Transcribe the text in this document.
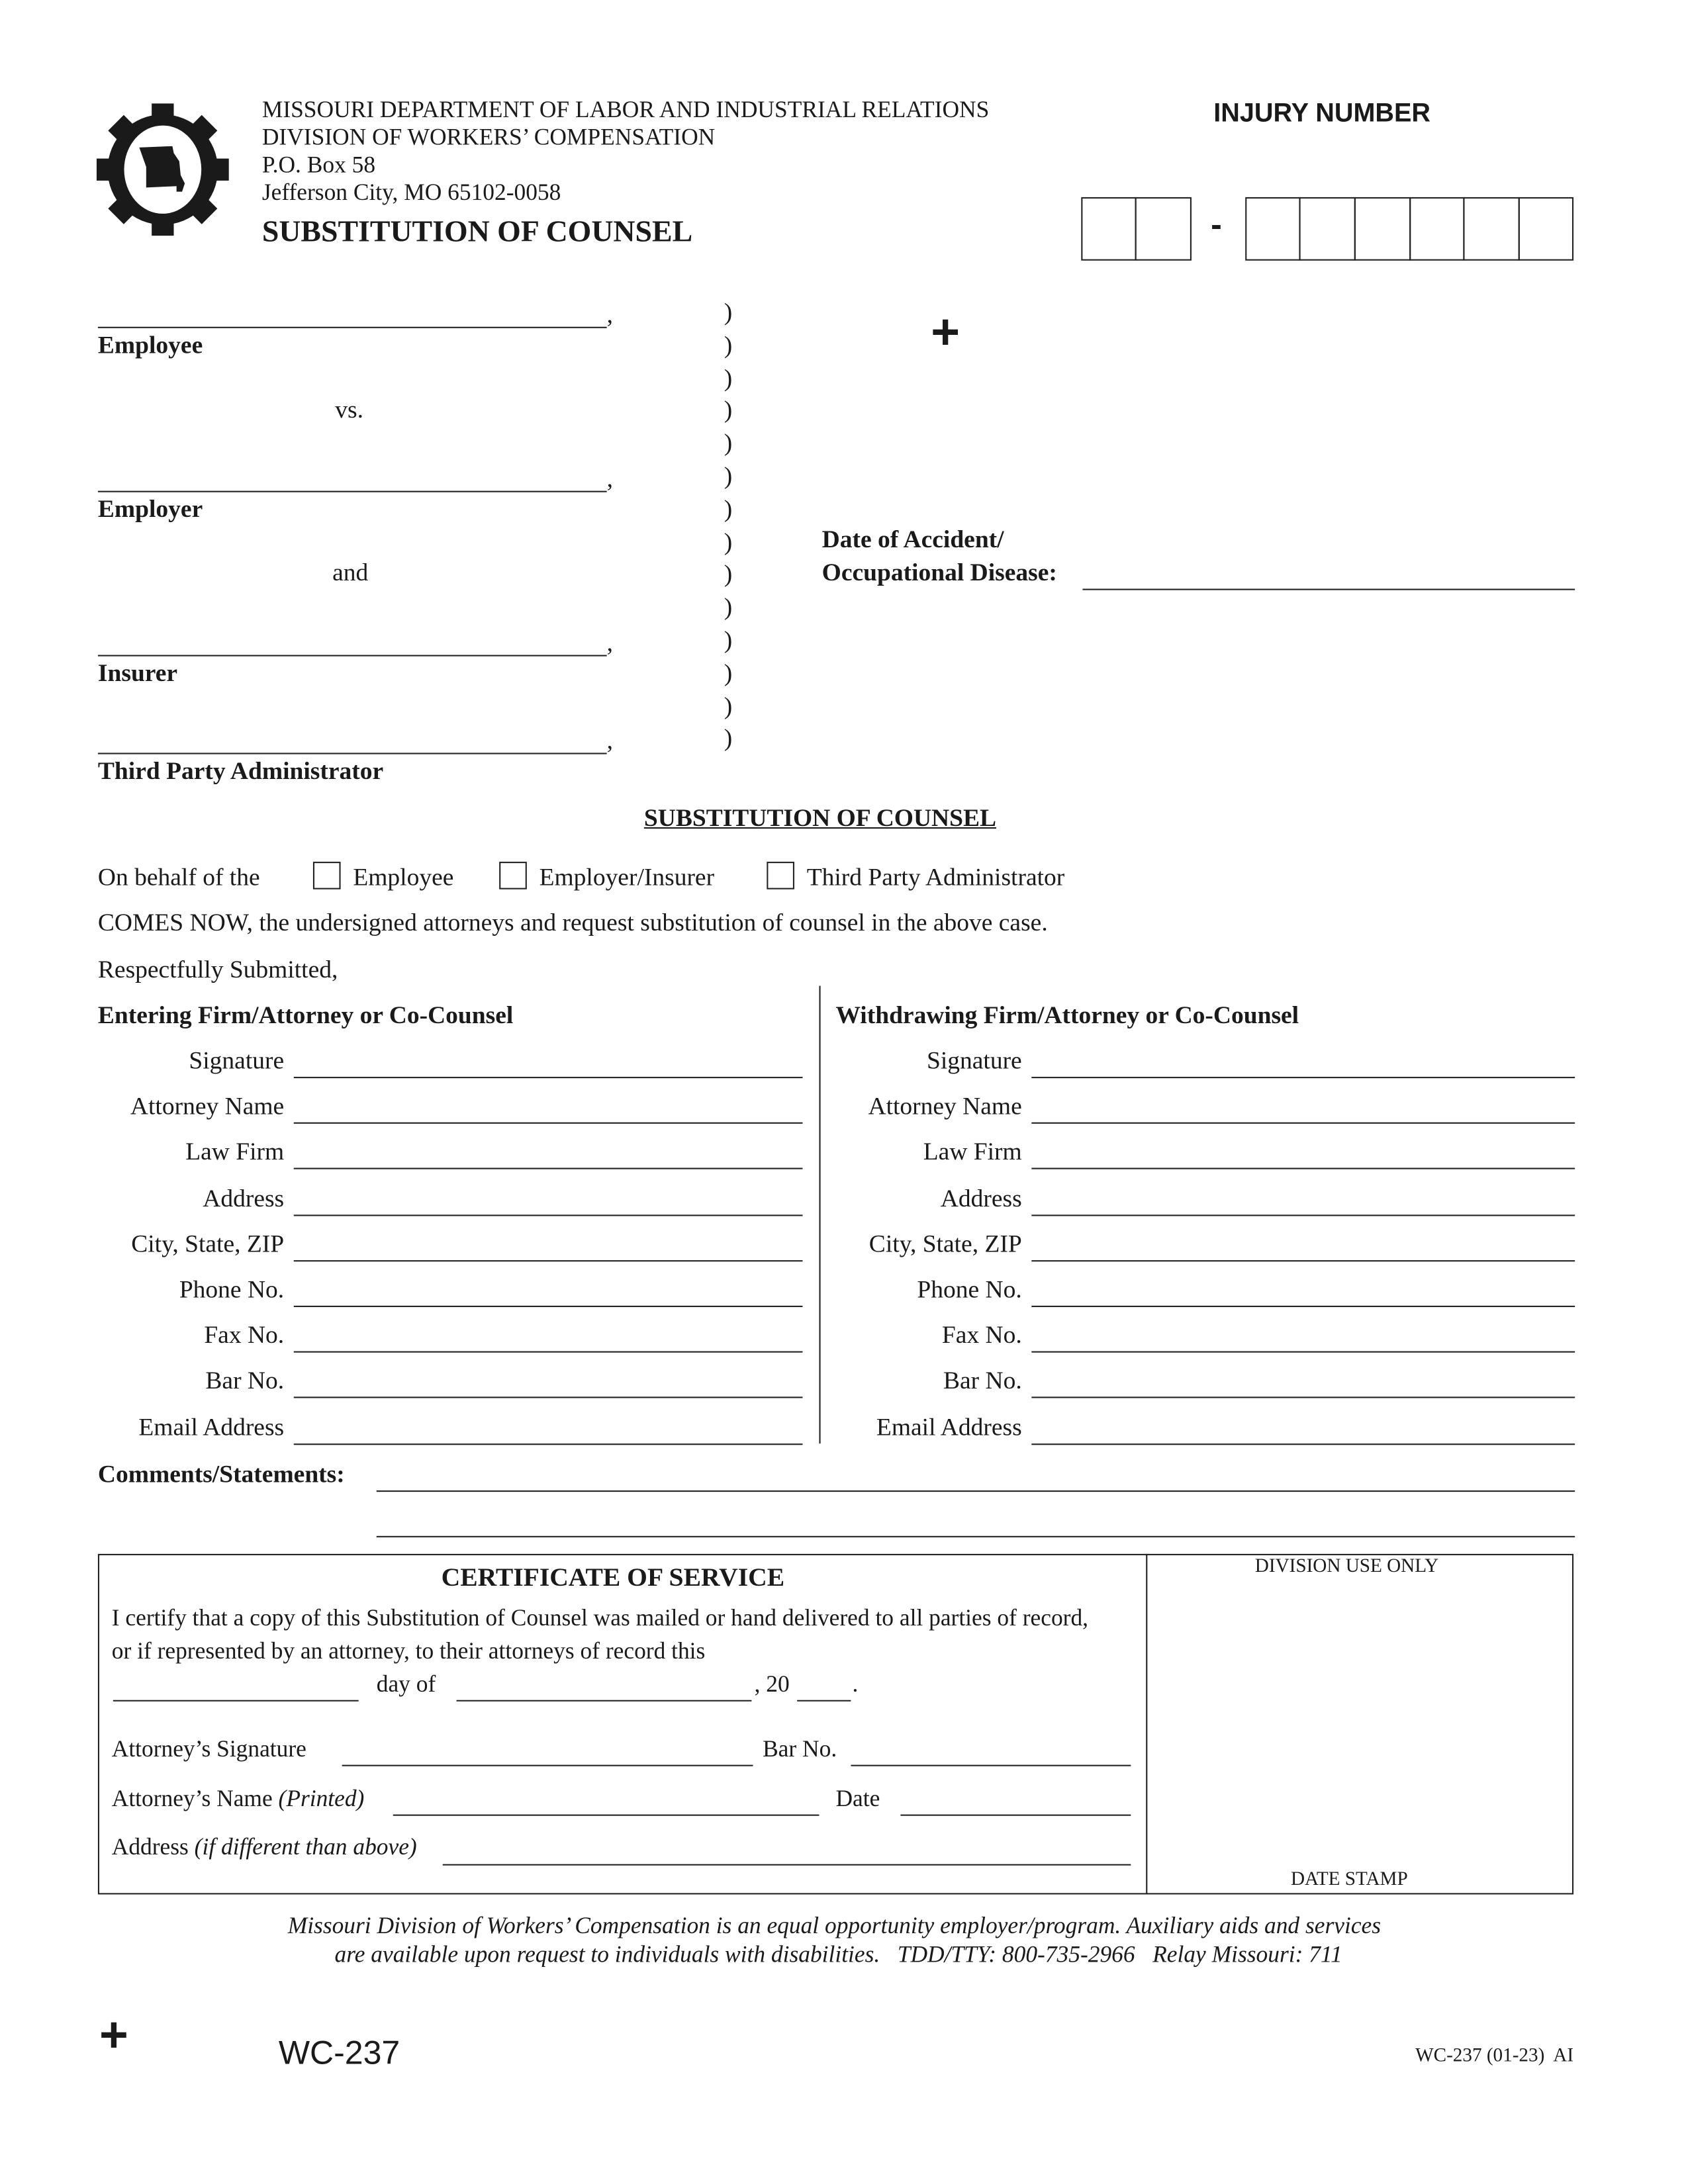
MISSOURI DEPARTMENT OF LABOR AND INDUSTRIAL RELATIONS
DIVISION OF WORKERS’ COMPENSATION
P.O. Box 58
Jefferson City, MO 65102-0058
SUBSTITUTION OF COUNSEL
INJURY NUMBER
-
+
,
Employee
vs.
,
Employer
and
,
Insurer
,
Third Party Administrator
)
)
)
)
)
)
)
)
)
)
)
)
)
)
Date of Accident/
Occupational Disease:
SUBSTITUTION OF COUNSEL
On behalf of the	Employee	Employer/Insurer	Third Party Administrator
COMES NOW, the undersigned attorneys and request substitution of counsel in the above case.
Respectfully Submitted,
Entering Firm/Attorney or Co-Counsel	Withdrawing Firm/Attorney or Co-Counsel
Signature	Signature
Attorney Name	Attorney Name
Law Firm	Law Firm
Address	Address
City, State, ZIP	City, State, ZIP
Phone No.	Phone No.
Fax No.	Fax No.
Bar No.	Bar No.
Email Address	Email Address
Comments/Statements:
CERTIFICATE OF SERVICE
I certify that a copy of this Substitution of Counsel was mailed or hand delivered to all parties of record,
or if represented by an attorney, to their attorneys of record this
day of	, 20	.
Attorney’s Signature	Bar No.
Attorney’s Name (Printed)	Date
Address (if different than above)
DIVISION USE ONLY
DATE STAMP
Missouri Division of Workers’ Compensation is an equal opportunity employer/program. Auxiliary aids and services
are available upon request to individuals with disabilities.   TDD/TTY: 800-735-2966   Relay Missouri: 711
+	WC-237	WC-237 (01-23)  AI
